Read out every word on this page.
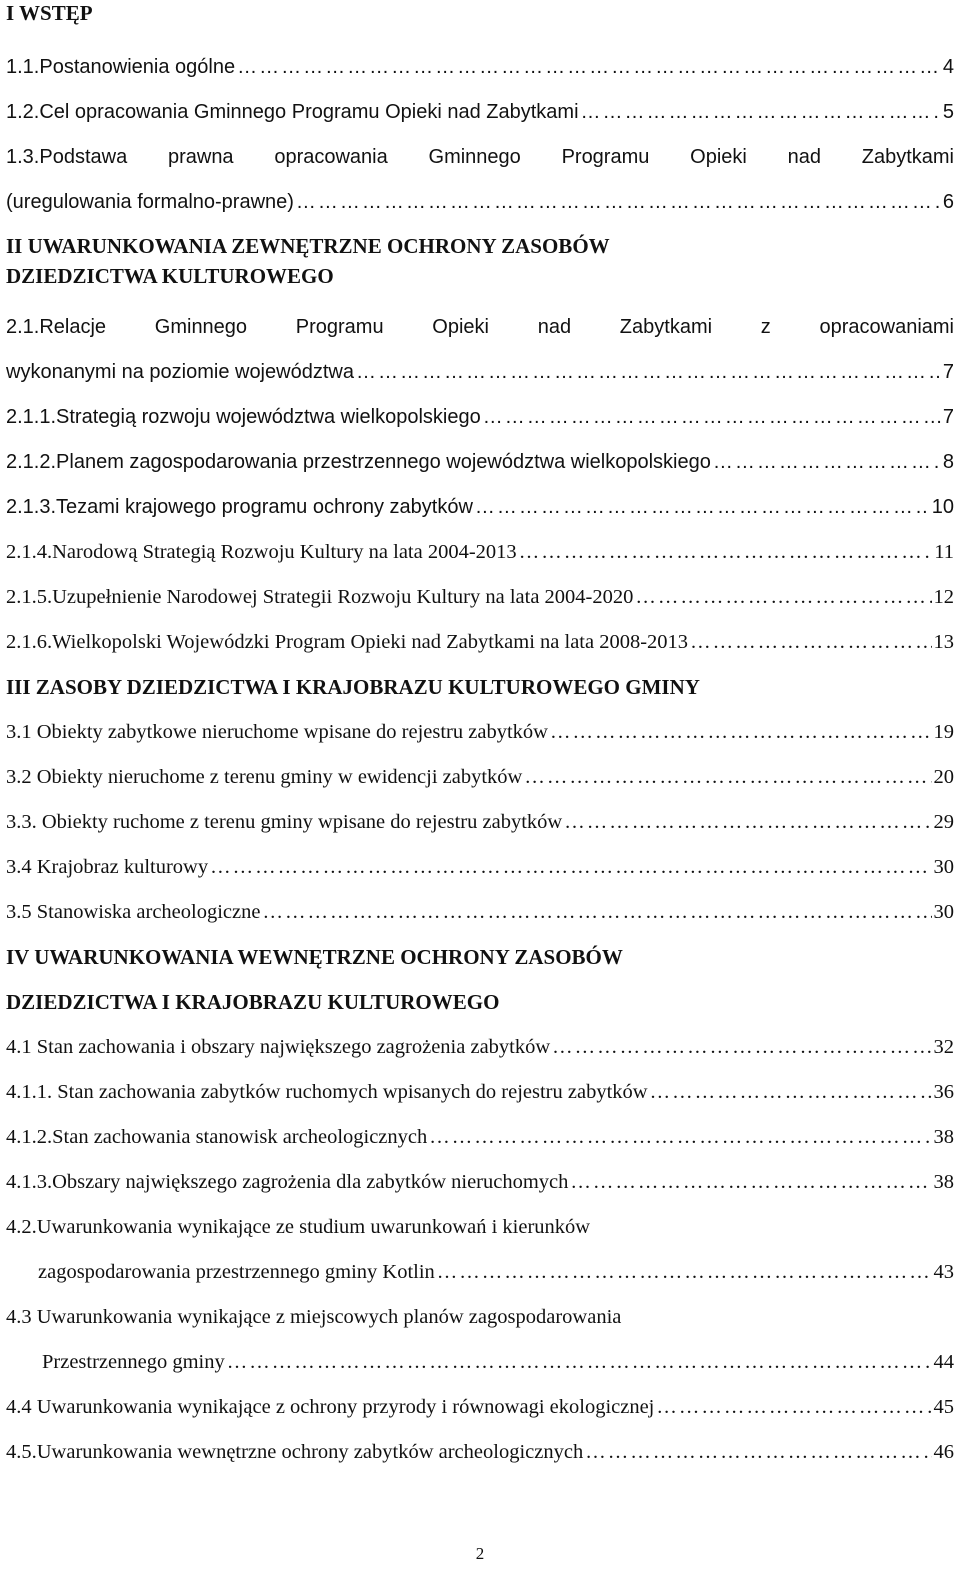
I WSTĘP
1.1.Postanowienia ogólne ……………………………………………………………………………………………………………………………………………………	4
1.2.Cel opracowania Gminnego Programu Opieki nad Zabytkami ……………………………………………………………………………………………………………………………………………………	5
1.3.Podstawa prawna opracowania Gminnego Programu Opieki nad Zabytkami
(uregulowania formalno-prawne) ……………………………………………………………………………………………………………………………………………………	6
II UWARUNKOWANIA ZEWNĘTRZNE OCHRONY ZASOBÓW
DZIEDZICTWA KULTUROWEGO
2.1.Relacje Gminnego Programu Opieki nad Zabytkami z opracowaniami
wykonanymi na poziomie województwa ……………………………………………………………………………………………………………………………………………………	7
2.1.1.Strategią rozwoju województwa wielkopolskiego ……………………………………………………………………………………………………………………………………………………	7
2.1.2.Planem zagospodarowania przestrzennego województwa wielkopolskiego ……………………………………………………………………………………………………………………………………………………	8
2.1.3.Tezami krajowego programu ochrony zabytków ……………………………………………………………………………………………………………………………………………………	10
2.1.4.Narodową Strategią Rozwoju Kultury na lata 2004-2013 ……………………………………………………………………………………………………………………………………………………	11
2.1.5.Uzupełnienie Narodowej Strategii Rozwoju Kultury na lata 2004-2020 ……………………………………………………………………………………………………………………………………………………	12
2.1.6.Wielkopolski Wojewódzki Program Opieki nad Zabytkami na lata 2008-2013 ……………………………………………………………………………………………………………………………………………………	13
III ZASOBY DZIEDZICTWA I KRAJOBRAZU KULTUROWEGO GMINY
3.1 Obiekty zabytkowe nieruchome wpisane do rejestru zabytków ……………………………………………………………………………………………………………………………………………………	19
3.2 Obiekty nieruchome z terenu gminy w ewidencji zabytków ……………………………………………………………………………………………………………………………………………………	20
3.3. Obiekty ruchome z terenu gminy wpisane do rejestru zabytków ……………………………………………………………………………………………………………………………………………………	29
3.4 Krajobraz kulturowy ……………………………………………………………………………………………………………………………………………………	30
3.5 Stanowiska archeologiczne ……………………………………………………………………………………………………………………………………………………	30
IV UWARUNKOWANIA WEWNĘTRZNE OCHRONY ZASOBÓW
DZIEDZICTWA I KRAJOBRAZU KULTUROWEGO
4.1 Stan zachowania i obszary największego zagrożenia zabytków ……………………………………………………………………………………………………………………………………………………	32
4.1.1. Stan zachowania zabytków ruchomych wpisanych do rejestru zabytków ……………………………………………………………………………………………………………………………………………………	36
4.1.2.Stan zachowania stanowisk archeologicznych ……………………………………………………………………………………………………………………………………………………	38
4.1.3.Obszary największego zagrożenia dla zabytków nieruchomych ……………………………………………………………………………………………………………………………………………………	38
4.2.Uwarunkowania wynikające ze studium uwarunkowań i kierunków
zagospodarowania przestrzennego gminy Kotlin ……………………………………………………………………………………………………………………………………………………	43
4.3 Uwarunkowania wynikające z miejscowych planów zagospodarowania
Przestrzennego gminy ……………………………………………………………………………………………………………………………………………………	44
4.4 Uwarunkowania wynikające z ochrony przyrody i równowagi ekologicznej ……………………………………………………………………………………………………………………………………………………	45
4.5.Uwarunkowania wewnętrzne ochrony zabytków archeologicznych ……………………………………………………………………………………………………………………………………………………	46
2
